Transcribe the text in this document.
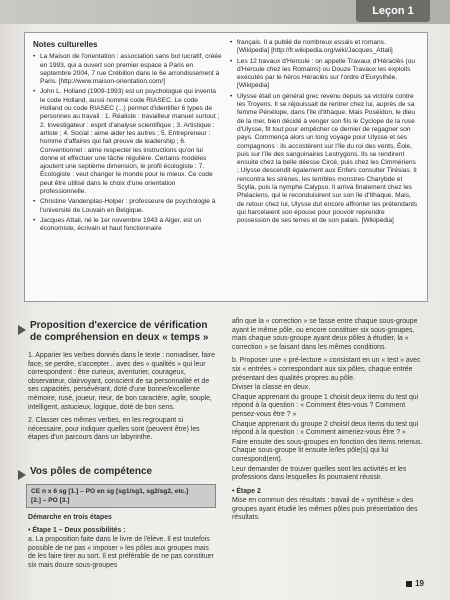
Leçon 1
Notes culturelles
• La Maison de l'orientation : association sans but lucratif, créée en 1993, qui a ouvert son premier espace à Paris en septembre 2004, 7 rue Crébillon dans le 6e arrondissement à Paris. [http://www.maison-orientation.com/]
• John L. Holland (1909-1993) est un psychologue qui inventa le code Holland, aussi nommé code RIASEC. Le code Holland ou code RIASEC (...) permet d'identifier 6 types de personnes au travail : 1. Réaliste : travailleur manuel surtout ; 2. Investigateur : esprit d'analyse scientifique ; 3. Artistique : artiste ; 4. Social : aime aider les autres ; 5. Entrepreneur : homme d'affaires qui fait preuve de leadership ; 6. Conventionnel : aime respecter les instructions qu'on lui donne et effectuer une tâche régulière. Certains modèles ajoutent une septième dimension, le profil écologiste : 7. Écologiste : veut changer le monde pour le mieux. Ce code peut être utilisé dans le choix d'une orientation professionnelle.
• Christine Vandenplas-Holper : professeure de psychologie à l'université de Louvain en Belgique.
• Jacques Attali, né le 1er novembre 1943 à Alger, est un économiste, écrivain et haut fonctionnaire
• français. Il a publié de nombreux essais et romans. [Wikipedia] [http://fr.wikipedia.org/wiki/Jacques_Attali]
• Les 12 travaux d'Hercule : on appelle Travaux d'Héraclès (ou d'Hercule chez les Romains) ou Douze Travaux les exploits exécutés par le héros Héraclès sur l'ordre d'Eurysthée. [Wikipédia]
• Ulysse était un général grec revenu depuis sa victoire contre les Troyens. Il se réjouissait de rentrer chez lui, auprès de sa femme Pénélope, dans l'île d'Ithaque. Mais Poséidon, le dieu de la mer, bien décidé à venger son fils le Cyclope de la ruse d'Ulysse, fit tout pour empêcher ce dernier de regagner son pays. Commença alors un long voyage pour Ulysse et ses compagnons : ils accostèrent sur l'île du roi des vents, Éole, puis sur l'île des sanguinaires Lestrygons. Ils se rendirent ensuite chez la belle déesse Circé, puis chez les Cimmériens ; Ulysse descendit également aux Enfers consulter Tirésias. Il rencontra les sirènes, les terribles monstres Charybde et Scylla, puis la nymphe Calypso. Il arriva finalement chez les Phéaciens, qui le reconduisirent sur son île d'Ithaque. Mais, de retour chez lui, Ulysse dut encore affronter les prétendants qui harcelaient son épouse pour pouvoir reprendre possession de ses terres et de son palais. [Wikipédia]
Proposition d'exercice de vérification
de compréhension en deux « temps »

1. Apparier les verbes donnés dans le texte : nomadiser, faire face, se perdre, s'accepter... avec des « qualités » qui leur correspondent : être curieux, aventurier, courageux, observateur, clairvoyant, conscient de sa personnalité et de ses capacités, persévérant, doté d'une bonne/excellente mémoire, rusé, joueur, rieur, de bon caractère, agile, souple, intelligent, astucieux, logique, doté de bon sens.

2. Classer ces mêmes verbes, en les regroupant si nécessaire, pour indiquer quelles sont (peuvent être) les étapes d'un parcours dans un labyrinthe.

Vos pôles de compétence
CE n x 6 sg [1.] – PO en sg [sg1/sg1, sg2/sg2, etc.]
[2.] – PO [3.]

Démarche en trois étapes

• Étape 1 – Deux possibilités :

a. La proposition faite dans le livre de l'élève. Il est toutefois possible de ne pas « imposer » les pôles aux groupes mais de les faire tirer au sort. Il est préférable de ne pas constituer six mais douze sous-groupes

afin que la « correction » se fasse entre chaque sous-groupe ayant le même pôle, ou encore constituer six sous-groupes, mais chaque sous-groupe ayant deux pôles à étudier, la « correction » se faisant dans les mêmes conditions.

b. Proposer une « pré-lecture » consistant en un « test » avec six « entrées » correspondant aux six pôles, chaque entrée présentant des qualités propres au pôle.

Diviser la classe en deux.

Chaque apprenant du groupe 1 choisit deux items du test qui répond à la question : « Comment êtes-vous ? Comment pensez-vous être ? »

Chaque apprenant du groupe 2 choisit deux items du test qui répond à la question : « Comment aimeriez-vous être ? »

Faire ensuite des sous-groupes en fonction des items retenus. Chaque sous-groupe lit ensuite le/les pôle(s) qui lui correspond(ent).

Leur demander de trouver quelles sont les activités et les professions dans lesquelles ils pourraient réussir.

• Étape 2

Mise en commun des résultats : travail de « synthèse » des groupes ayant étudié les mêmes pôles puis présentation des résultats.

19
